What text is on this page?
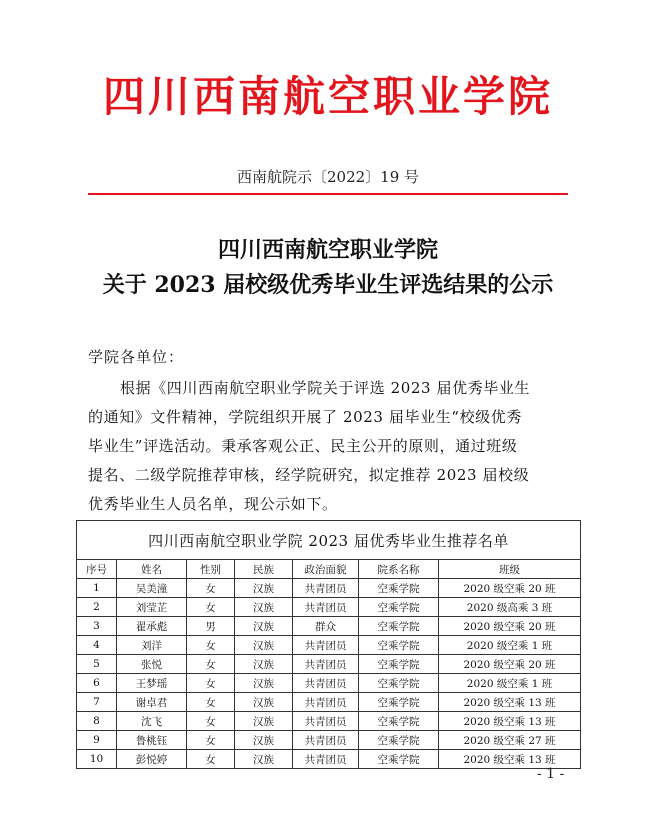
四川西南航空职业学院
西南航院示〔2022〕19 号
四川西南航空职业学院
关于 2023 届校级优秀毕业生评选结果的公示
学院各单位：
根据《四川西南航空职业学院关于评选 2023 届优秀毕业生
的通知》文件精神，学院组织开展了 2023 届毕业生“校级优秀
毕业生”评选活动。秉承客观公正、民主公开的原则，通过班级
提名、二级学院推荐审核，经学院研究，拟定推荐 2023 届校级
优秀毕业生人员名单，现公示如下。
四川西南航空职业学院 2023 届优秀毕业生推荐名单						
序号	姓名	性别	民族	政治面貌	院系名称	班级
1	吴美潼	女	汉族	共青团员	空乘学院	2020 级空乘 20 班
2	刘莹芷	女	汉族	共青团员	空乘学院	2020 级高乘 3 班
3	翟承彪	男	汉族	群众	空乘学院	2020 级空乘 20 班
4	刘洋	女	汉族	共青团员	空乘学院	2020 级空乘 1 班
5	张悦	女	汉族	共青团员	空乘学院	2020 级空乘 20 班
6	王梦瑶	女	汉族	共青团员	空乘学院	2020 级空乘 1 班
7	谢卓君	女	汉族	共青团员	空乘学院	2020 级空乘 13 班
8	沈飞	女	汉族	共青团员	空乘学院	2020 级空乘 13 班
9	鲁桃钰	女	汉族	共青团员	空乘学院	2020 级空乘 27 班
10	彭悦婷	女	汉族	共青团员	空乘学院	2020 级空乘 13 班
- 1 -
